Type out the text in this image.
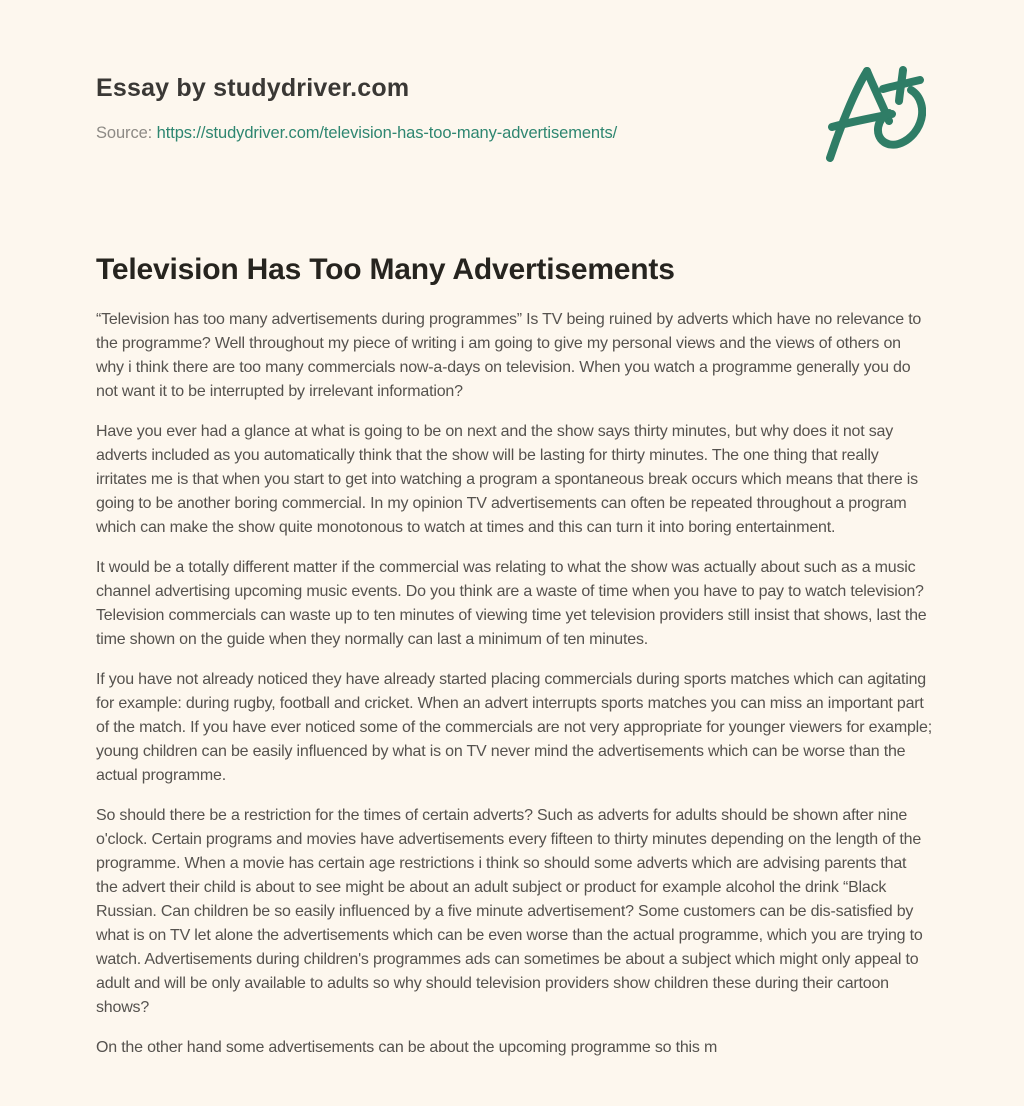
Essay by studydriver.com
Source: https://studydriver.com/television-has-too-many-advertisements/
Television Has Too Many Advertisements

“Television has too many advertisements during programmes” Is TV being ruined by adverts which have no relevance to the programme? Well throughout my piece of writing i am going to give my personal views and the views of others on why i think there are too many commercials now-a-days on television. When you watch a programme generally you do not want it to be interrupted by irrelevant information?

Have you ever had a glance at what is going to be on next and the show says thirty minutes, but why does it not say adverts included as you automatically think that the show will be lasting for thirty minutes. The one thing that really irritates me is that when you start to get into watching a program a spontaneous break occurs which means that there is going to be another boring commercial. In my opinion TV advertisements can often be repeated throughout a program which can make the show quite monotonous to watch at times and this can turn it into boring entertainment.

It would be a totally different matter if the commercial was relating to what the show was actually about such as a music channel advertising upcoming music events. Do you think are a waste of time when you have to pay to watch television? Television commercials can waste up to ten minutes of viewing time yet television providers still insist that shows, last the time shown on the guide when they normally can last a minimum of ten minutes.

If you have not already noticed they have already started placing commercials during sports matches which can agitating for example: during rugby, football and cricket. When an advert interrupts sports matches you can miss an important part of the match. If you have ever noticed some of the commercials are not very appropriate for younger viewers for example; young children can be easily influenced by what is on TV never mind the advertisements which can be worse than the actual programme.

So should there be a restriction for the times of certain adverts? Such as adverts for adults should be shown after nine o'clock. Certain programs and movies have advertisements every fifteen to thirty minutes depending on the length of the programme. When a movie has certain age restrictions i think so should some adverts which are advising parents that the advert their child is about to see might be about an adult subject or product for example alcohol the drink “Black Russian. Can children be so easily influenced by a five minute advertisement? Some customers can be dis-satisfied by what is on TV let alone the advertisements which can be even worse than the actual programme, which you are trying to watch. Advertisements during children's programmes ads can sometimes be about a subject which might only appeal to adult and will be only available to adults so why should television providers show children these during their cartoon shows?

On the other hand some advertisements can be about the upcoming programme so this m
